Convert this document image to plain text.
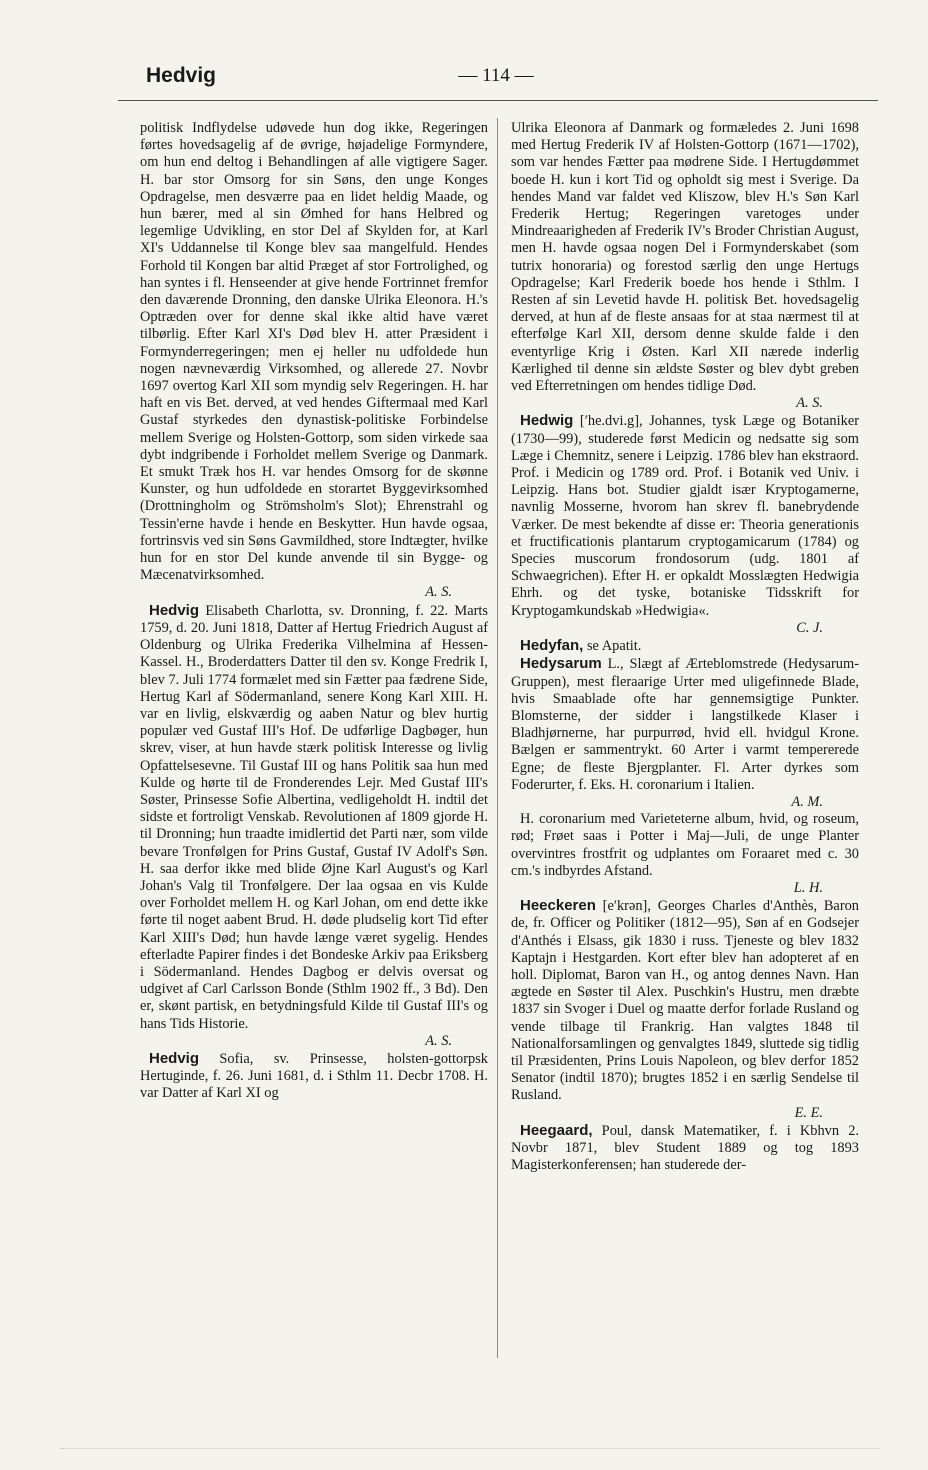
Hedvig	— 114 —

politisk Indflydelse udøvede hun dog ikke, Regeringen førtes hovedsagelig af de øvrige, højadelige Formyndere, om hun end deltog i Behandlingen af alle vigtigere Sager. H. bar stor Omsorg for sin Søns, den unge Konges Opdragelse, men desværre paa en lidet heldig Maade, og hun bærer, med al sin Ømhed for hans Helbred og legemlige Udvikling, en stor Del af Skylden for, at Karl XI's Uddannelse til Konge blev saa mangelfuld. Hendes Forhold til Kongen bar altid Præget af stor Fortrolighed, og han syntes i fl. Henseender at give hende Fortrinnet fremfor den daværende Dronning, den danske Ulrika Eleonora. H.'s Optræden over for denne skal ikke altid have været tilbørlig. Efter Karl XI's Død blev H. atter Præsident i Formynderregeringen; men ej heller nu udfoldede hun nogen nævneværdig Virksomhed, og allerede 27. Novbr 1697 overtog Karl XII som myndig selv Regeringen. H. har haft en vis Bet. derved, at ved hendes Giftermaal med Karl Gustaf styrkedes den dynastisk-politiske Forbindelse mellem Sverige og Holsten-Gottorp, som siden virkede saa dybt indgribende i Forholdet mellem Sverige og Danmark. Et smukt Træk hos H. var hendes Omsorg for de skønne Kunster, og hun udfoldede en storartet Byggevirksomhed (Drottningholm og Strömsholm's Slot); Ehrenstrahl og Tessin'erne havde i hende en Beskytter. Hun havde ogsaa, fortrinsvis ved sin Søns Gavmildhed, store Indtægter, hvilke hun for en stor Del kunde anvende til sin Bygge- og Mæcenatvirksomhed.
A. S.

Hedvig Elisabeth Charlotta, sv. Dronning, f. 22. Marts 1759, d. 20. Juni 1818, Datter af Hertug Friedrich August af Oldenburg og Ulrika Frederika Vilhelmina af Hessen-Kassel. H., Broderdatters Datter til den sv. Konge Fredrik I, blev 7. Juli 1774 formælet med sin Fætter paa fædrene Side, Hertug Karl af Södermanland, senere Kong Karl XIII. H. var en livlig, elskværdig og aaben Natur og blev hurtig populær ved Gustaf III's Hof. De udførlige Dagbøger, hun skrev, viser, at hun havde stærk politisk Interesse og livlig Opfattelsesevne. Til Gustaf III og hans Politik saa hun med Kulde og hørte til de Fronderendes Lejr. Med Gustaf III's Søster, Prinsesse Sofie Albertina, vedligeholdt H. indtil det sidste et fortroligt Venskab. Revolutionen af 1809 gjorde H. til Dronning; hun traadte imidlertid det Parti nær, som vilde bevare Tronfølgen for Prins Gustaf, Gustaf IV Adolf's Søn. H. saa derfor ikke med blide Øjne Karl August's og Karl Johan's Valg til Tronfølgere. Der laa ogsaa en vis Kulde over Forholdet mellem H. og Karl Johan, om end dette ikke førte til noget aabent Brud. H. døde pludselig kort Tid efter Karl XIII's Død; hun havde længe været sygelig. Hendes efterladte Papirer findes i det Bondeske Arkiv paa Eriksberg i Södermanland. Hendes Dagbog er delvis oversat og udgivet af Carl Carlsson Bonde (Sthlm 1902 ff., 3 Bd). Den er, skønt partisk, en betydningsfuld Kilde til Gustaf III's og hans Tids Historie.
A. S.

Hedvig Sofia, sv. Prinsesse, holsten-gottorpsk Hertuginde, f. 26. Juni 1681, d. i Sthlm 11. Decbr 1708. H. var Datter af Karl XI og

Ulrika Eleonora af Danmark og formæledes 2. Juni 1698 med Hertug Frederik IV af Holsten-Gottorp (1671—1702), som var hendes Fætter paa mødrene Side. I Hertugdømmet boede H. kun i kort Tid og opholdt sig mest i Sverige. Da hendes Mand var faldet ved Kliszow, blev H.'s Søn Karl Frederik Hertug; Regeringen varetoges under Mindreaarigheden af Frederik IV's Broder Christian August, men H. havde ogsaa nogen Del i Formynderskabet (som tutrix honoraria) og forestod særlig den unge Hertugs Opdragelse; Karl Frederik boede hos hende i Sthlm. I Resten af sin Levetid havde H. politisk Bet. hovedsagelig derved, at hun af de fleste ansaas for at staa nærmest til at efterfølge Karl XII, dersom denne skulde falde i den eventyrlige Krig i Østen. Karl XII nærede inderlig Kærlighed til denne sin ældste Søster og blev dybt greben ved Efterretningen om hendes tidlige Død.
A. S.

Hedwig [ʹhe.dvi.g], Johannes, tysk Læge og Botaniker (1730—99), studerede først Medicin og nedsatte sig som Læge i Chemnitz, senere i Leipzig. 1786 blev han ekstraord. Prof. i Medicin og 1789 ord. Prof. i Botanik ved Univ. i Leipzig. Hans bot. Studier gjaldt især Kryptogamerne, navnlig Mosserne, hvorom han skrev fl. banebrydende Værker. De mest bekendte af disse er: Theoria generationis et fructificationis plantarum cryptogamicarum (1784) og Species muscorum frondosorum (udg. 1801 af Schwaegrichen). Efter H. er opkaldt Mosslægten Hedwigia Ehrh. og det tyske, botaniske Tidsskrift for Kryptogamkundskab »Hedwigia«.
C. J.

Hedyfan, se Apatit.

Hedysarum L., Slægt af Ærteblomstrede (Hedysarum-Gruppen), mest fleraarige Urter med uligefinnede Blade, hvis Smaablade ofte har gennemsigtige Punkter. Blomsterne, der sidder i langstilkede Klaser i Bladhjørnerne, har purpurrød, hvid ell. hvidgul Krone. Bælgen er sammentrykt. 60 Arter i varmt tempererede Egne; de fleste Bjergplanter. Fl. Arter dyrkes som Foderurter, f. Eks. H. coronarium i Italien.
A. M.

H. coronarium med Varieteterne album, hvid, og roseum, rød; Frøet saas i Potter i Maj—Juli, de unge Planter overvintres frostfrit og udplantes om Foraaret med c. 30 cm.'s indbyrdes Afstand.
L. H.

Heeckeren [eʹkrən], Georges Charles d'Anthès, Baron de, fr. Officer og Politiker (1812—95), Søn af en Godsejer d'Anthés i Elsass, gik 1830 i russ. Tjeneste og blev 1832 Kaptajn i Hestgarden. Kort efter blev han adopteret af en holl. Diplomat, Baron van H., og antog dennes Navn. Han ægtede en Søster til Alex. Puschkin's Hustru, men dræbte 1837 sin Svoger i Duel og maatte derfor forlade Rusland og vende tilbage til Frankrig. Han valgtes 1848 til Nationalforsamlingen og genvalgtes 1849, sluttede sig tidlig til Præsidenten, Prins Louis Napoleon, og blev derfor 1852 Senator (indtil 1870); brugtes 1852 i en særlig Sendelse til Rusland.
E. E.

Heegaard, Poul, dansk Matematiker, f. i Kbhvn 2. Novbr 1871, blev Student 1889 og tog 1893 Magisterkonferensen; han studerede der-
